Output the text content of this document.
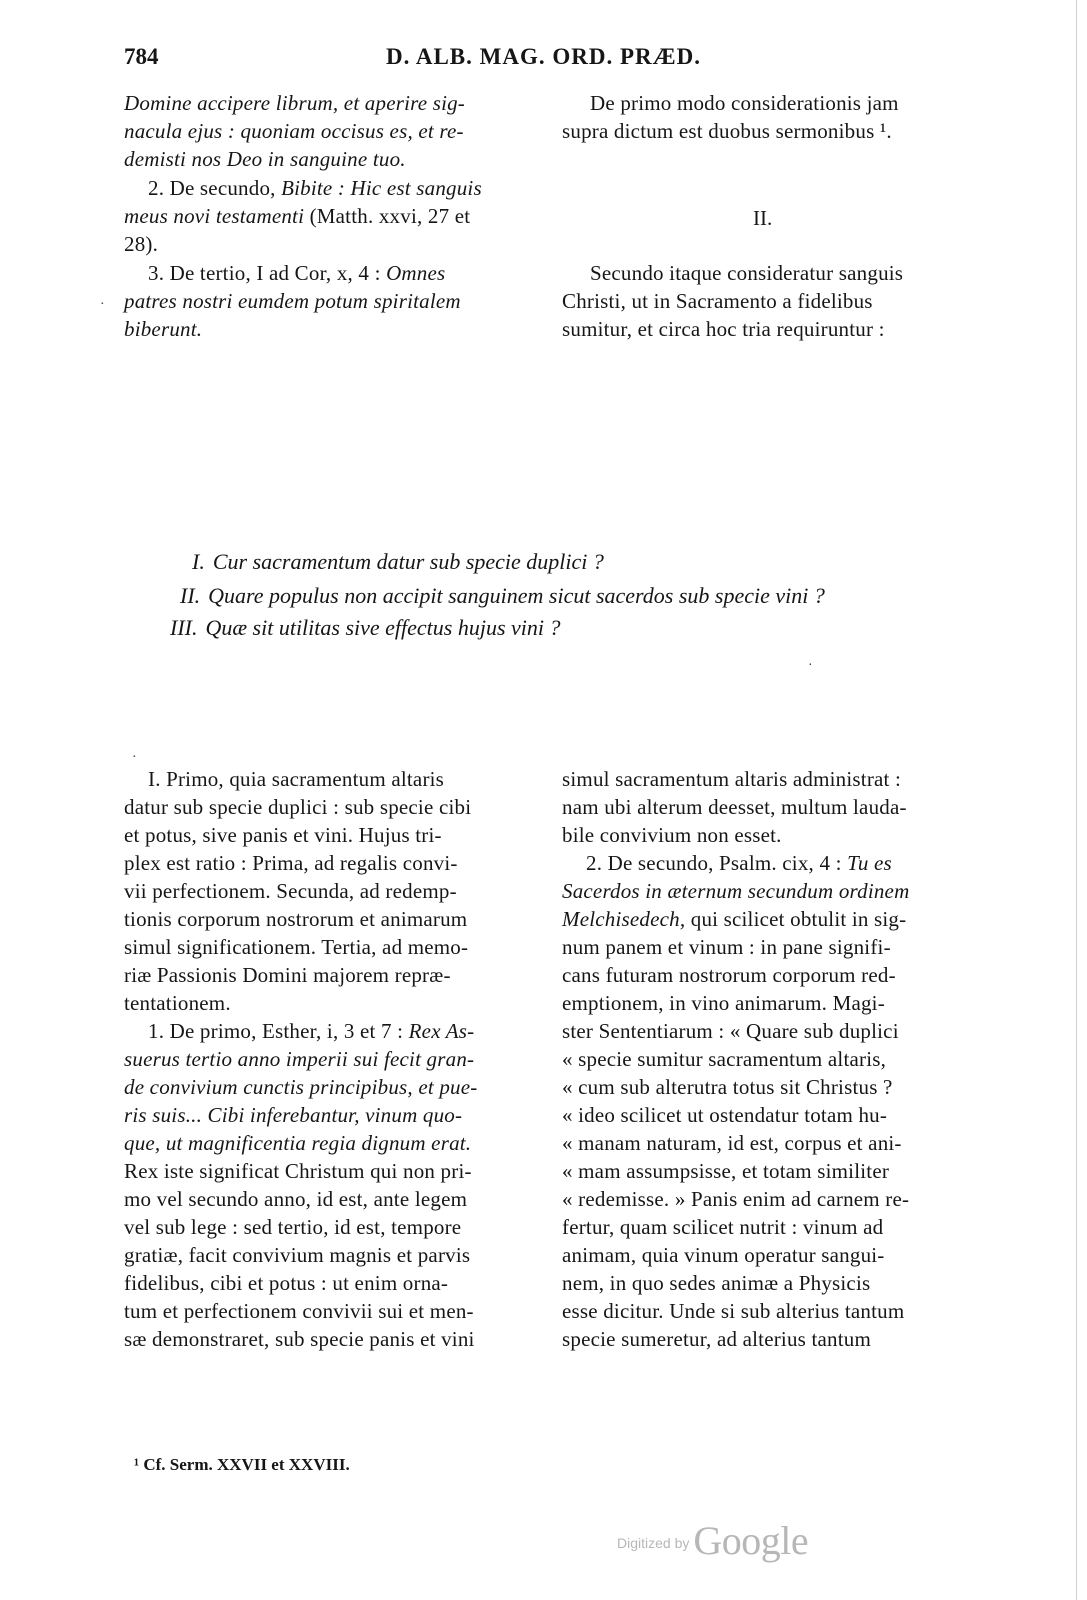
784	D. ALB. MAG. ORD. PRÆD.
Domine accipere librum, et aperire sig-
nacula ejus : quoniam occisus es, et re-
demisti nos Deo in sanguine tuo.
2. De secundo, Bibite : Hic est sanguis
meus novi testamenti (Matth. xxvi, 27 et
28).
3. De tertio, I ad Cor, x, 4 : Omnes
patres nostri eumdem potum spiritalem
biberunt.
De primo modo considerationis jam
supra dictum est duobus sermonibus ¹.
II.
Secundo itaque consideratur sanguis
Christi, ut in Sacramento a fidelibus
sumitur, et circa hoc tria requiruntur :
I. Cur sacramentum datur sub specie duplici ?
II. Quare populus non accipit sanguinem sicut sacerdos sub specie vini ?
III. Quæ sit utilitas sive effectus hujus vini ?
·
·
·
I. Primo, quia sacramentum altaris
datur sub specie duplici : sub specie cibi
et potus, sive panis et vini. Hujus tri-
plex est ratio : Prima, ad regalis convi-
vii perfectionem. Secunda, ad redemp-
tionis corporum nostrorum et animarum
simul significationem. Tertia, ad memo-
riæ Passionis Domini majorem repræ-
tentationem.
1. De primo, Esther, i, 3 et 7 : Rex As-
suerus tertio anno imperii sui fecit gran-
de convivium cunctis principibus, et pue-
ris suis... Cibi inferebantur, vinum quo-
que, ut magnificentia regia dignum erat.
Rex iste significat Christum qui non pri-
mo vel secundo anno, id est, ante legem
vel sub lege : sed tertio, id est, tempore
gratiæ, facit convivium magnis et parvis
fidelibus, cibi et potus : ut enim orna-
tum et perfectionem convivii sui et men-
sæ demonstraret, sub specie panis et vini
simul sacramentum altaris administrat :
nam ubi alterum deesset, multum lauda-
bile convivium non esset.
2. De secundo, Psalm. cix, 4 : Tu es
Sacerdos in æternum secundum ordinem
Melchisedech, qui scilicet obtulit in sig-
num panem et vinum : in pane signifi-
cans futuram nostrorum corporum red-
emptionem, in vino animarum. Magi-
ster Sententiarum : « Quare sub duplici
« specie sumitur sacramentum altaris,
« cum sub alterutra totus sit Christus ?
« ideo scilicet ut ostendatur totam hu-
« manam naturam, id est, corpus et ani-
« mam assumpsisse, et totam similiter
« redemisse. » Panis enim ad carnem re-
fertur, quam scilicet nutrit : vinum ad
animam, quia vinum operatur sangui-
nem, in quo sedes animæ a Physicis
esse dicitur. Unde si sub alterius tantum
specie sumeretur, ad alterius tantum
¹ Cf. Serm. XXVII et XXVIII.
Digitized by Google
